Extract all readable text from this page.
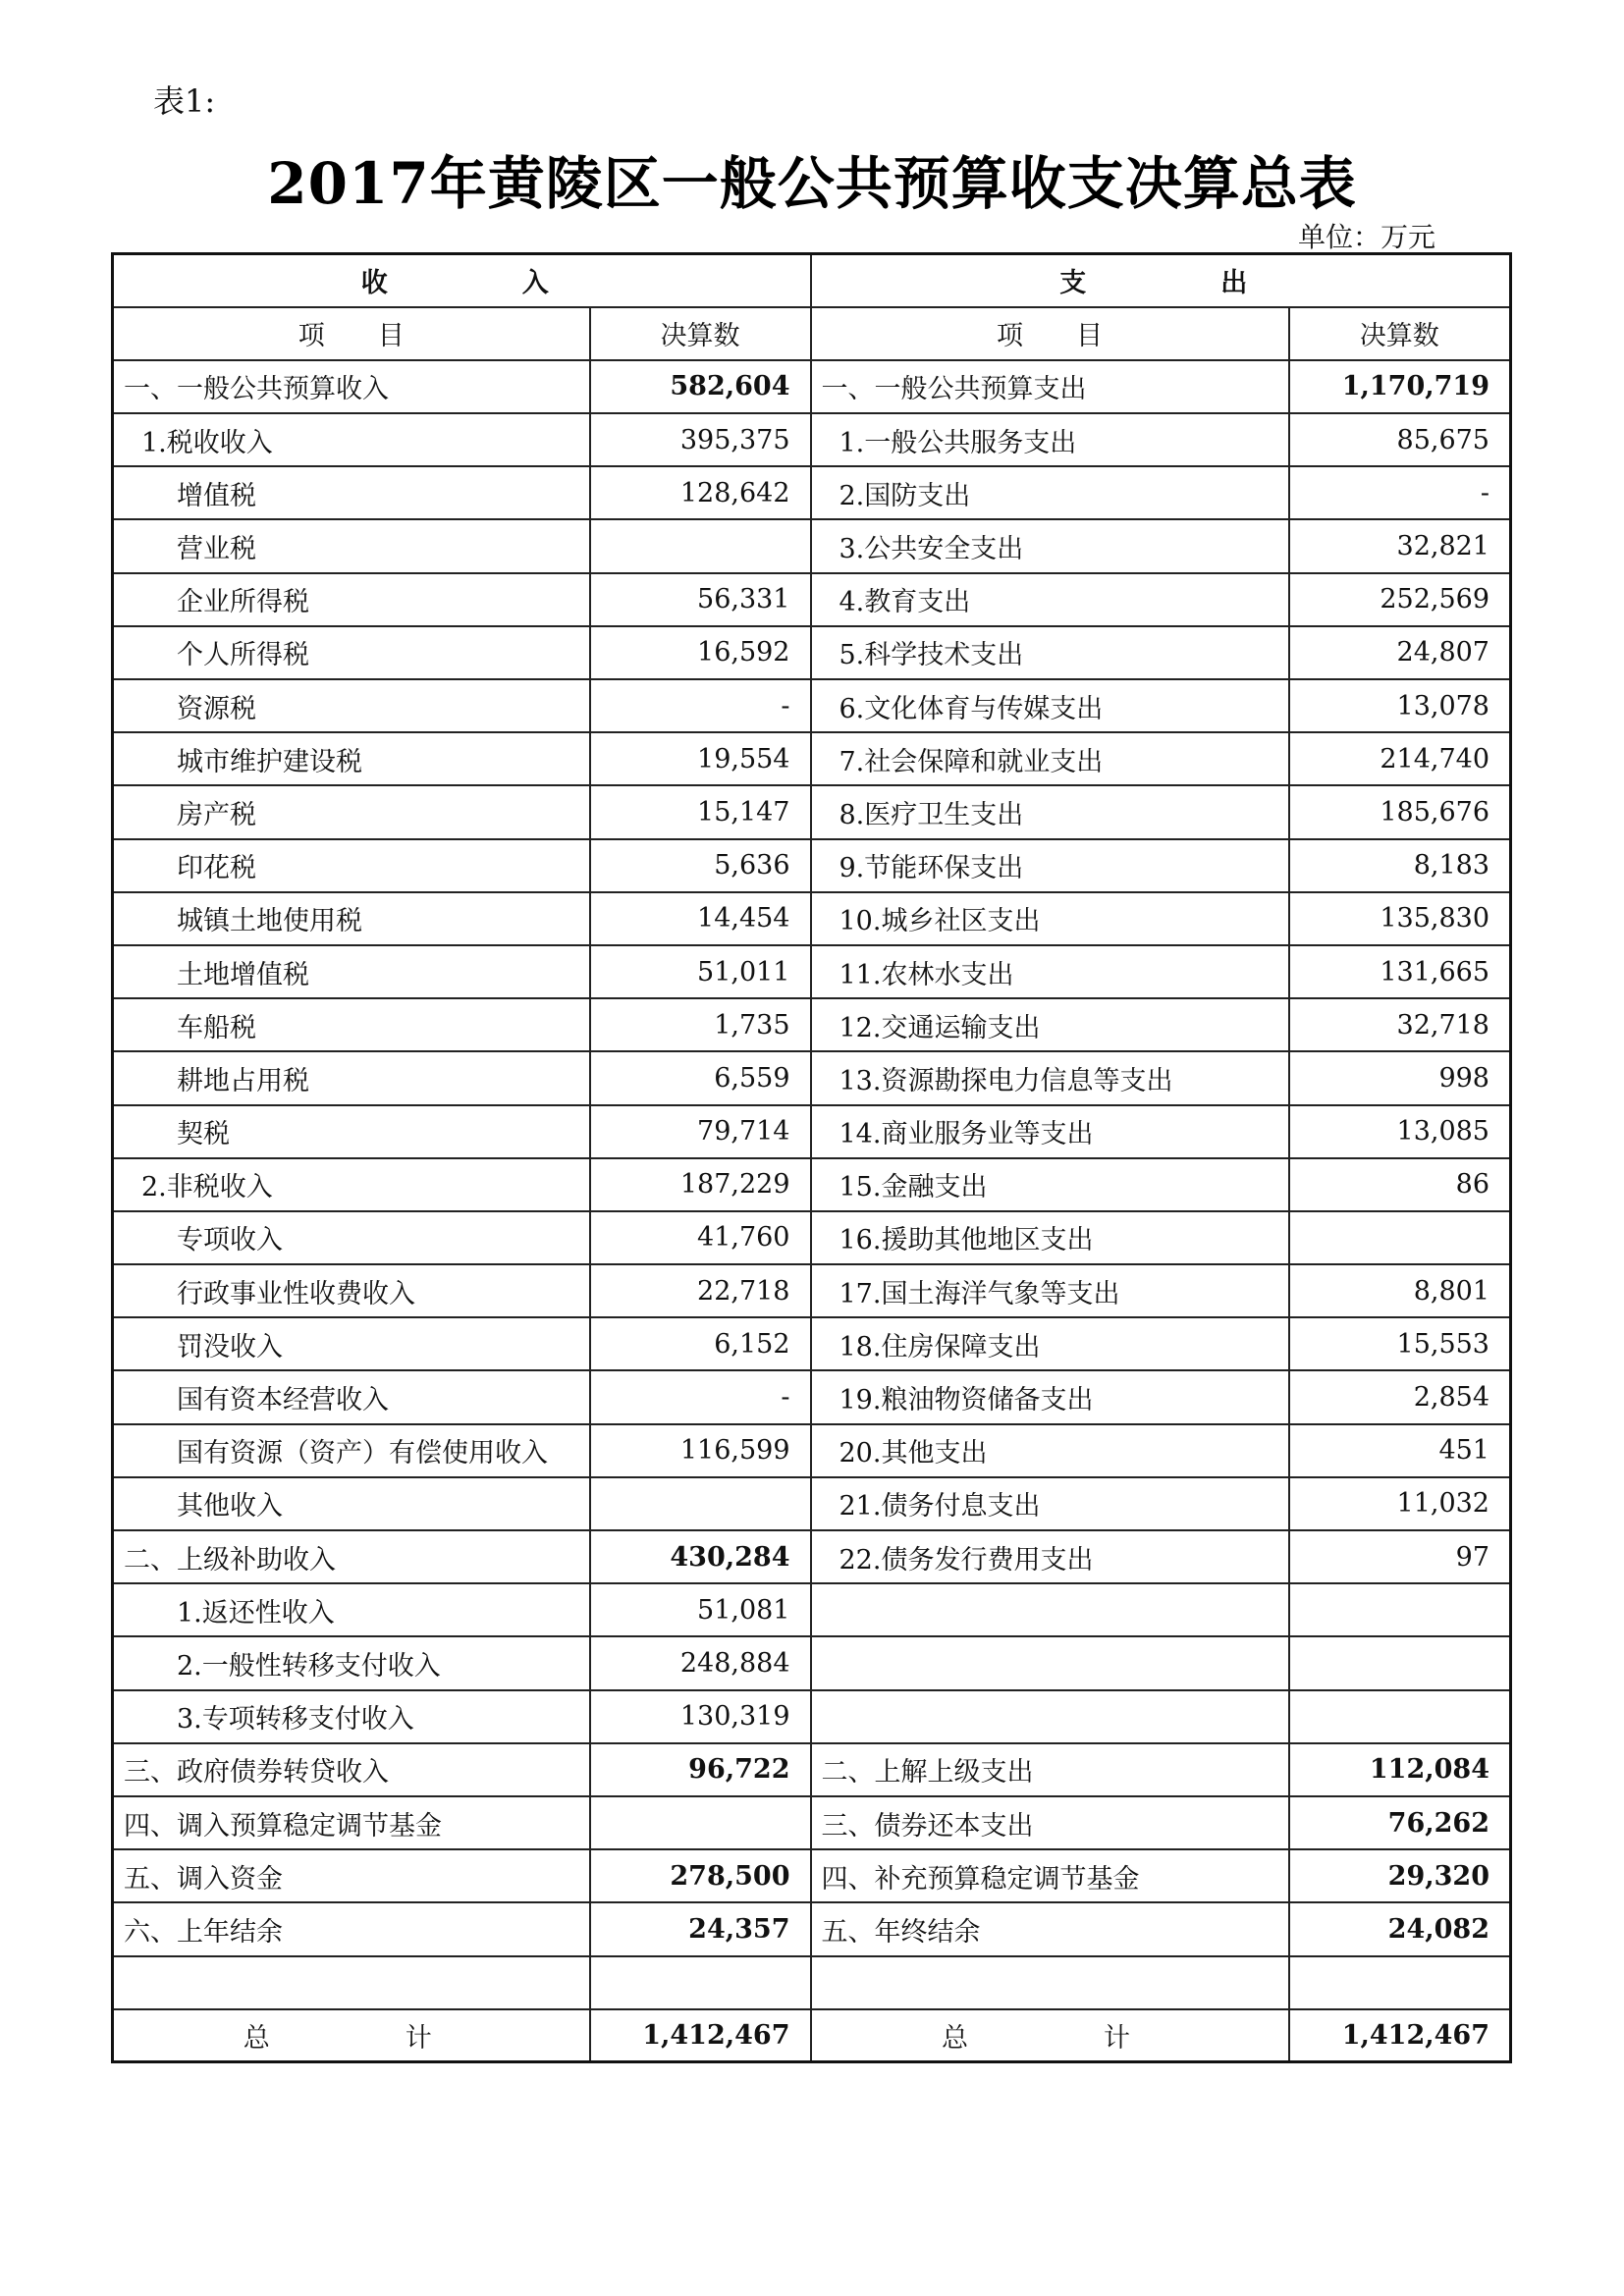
表1:
2017年黄陵区一般公共预算收支决算总表
单位：万元
收　　　入		支　　　出	
项　　目	决算数	项　　目	决算数
一、一般公共预算收入	582,604	一、一般公共预算支出	1,170,719
1.税收收入	395,375	1.一般公共服务支出	85,675
增值税	128,642	2.国防支出	-
营业税		3.公共安全支出	32,821
企业所得税	56,331	4.教育支出	252,569
个人所得税	16,592	5.科学技术支出	24,807
资源税	-	6.文化体育与传媒支出	13,078
城市维护建设税	19,554	7.社会保障和就业支出	214,740
房产税	15,147	8.医疗卫生支出	185,676
印花税	5,636	9.节能环保支出	8,183
城镇土地使用税	14,454	10.城乡社区支出	135,830
土地增值税	51,011	11.农林水支出	131,665
车船税	1,735	12.交通运输支出	32,718
耕地占用税	6,559	13.资源勘探电力信息等支出	998
契税	79,714	14.商业服务业等支出	13,085
2.非税收入	187,229	15.金融支出	86
专项收入	41,760	16.援助其他地区支出	
行政事业性收费收入	22,718	17.国土海洋气象等支出	8,801
罚没收入	6,152	18.住房保障支出	15,553
国有资本经营收入	-	19.粮油物资储备支出	2,854
国有资源（资产）有偿使用收入	116,599	20.其他支出	451
其他收入		21.债务付息支出	11,032
二、上级补助收入	430,284	22.债务发行费用支出	97
1.返还性收入	51,081		
2.一般性转移支付收入	248,884		
3.专项转移支付收入	130,319		
三、政府债券转贷收入	96,722	二、上解上级支出	112,084
四、调入预算稳定调节基金		三、债券还本支出	76,262
五、调入资金	278,500	四、补充预算稳定调节基金	29,320
六、上年结余	24,357	五、年终结余	24,082

总　　计	1,412,467	总　　计	1,412,467
